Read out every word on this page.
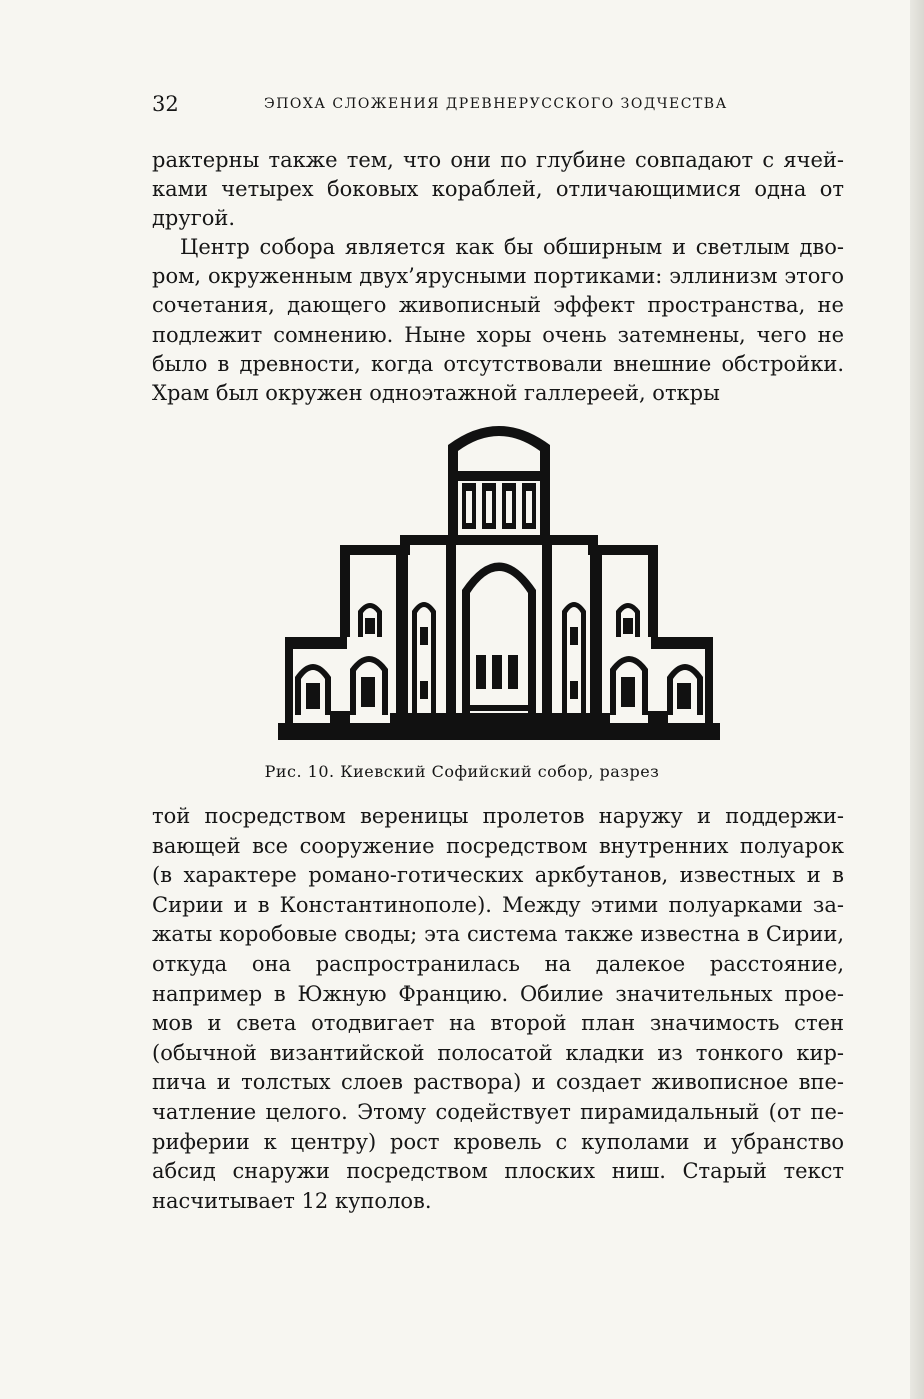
32	ЭПОХА СЛОЖЕНИЯ ДРЕВНЕРУССКОГО ЗОДЧЕСТВА

рактерны также тем, что они по глубине совпадают с ячейками четырех боковых кораблей, отличающимися одна от другой.

Центр собора является как бы обширным и светлым двором, окруженным двух’ярусными портиками: эллинизм этого сочетания, дающего живописный эффект пространства, не подлежит сомнению. Ныне хоры очень затемнены, чего не было в древности, когда отсутствовали внешние обстройки. Храм был окружен одноэтажной галлереей, откры

Рис. 10. Киевский Софийский собор, разрез

той посредством вереницы пролетов наружу и поддерживающей все сооружение посредством внутренних полуарок (в характере романо-готических аркбутанов, известных и в Сирии и в Константинополе). Между этими полуарками зажаты коробовые своды; эта система также известна в Сирии, откуда она распространилась на далекое расстояние, например в Южную Францию. Обилие значительных проемов и света отодвигает на второй план значимость стен (обычной византийской полосатой кладки из тонкого кирпича и толстых слоев раствора) и создает живописное впечатление целого. Этому содействует пирамидальный (от периферии к центру) рост кровель с куполами и убранство абсид снаружи посредством плоских ниш. Старый текст насчитывает 12 куполов.
